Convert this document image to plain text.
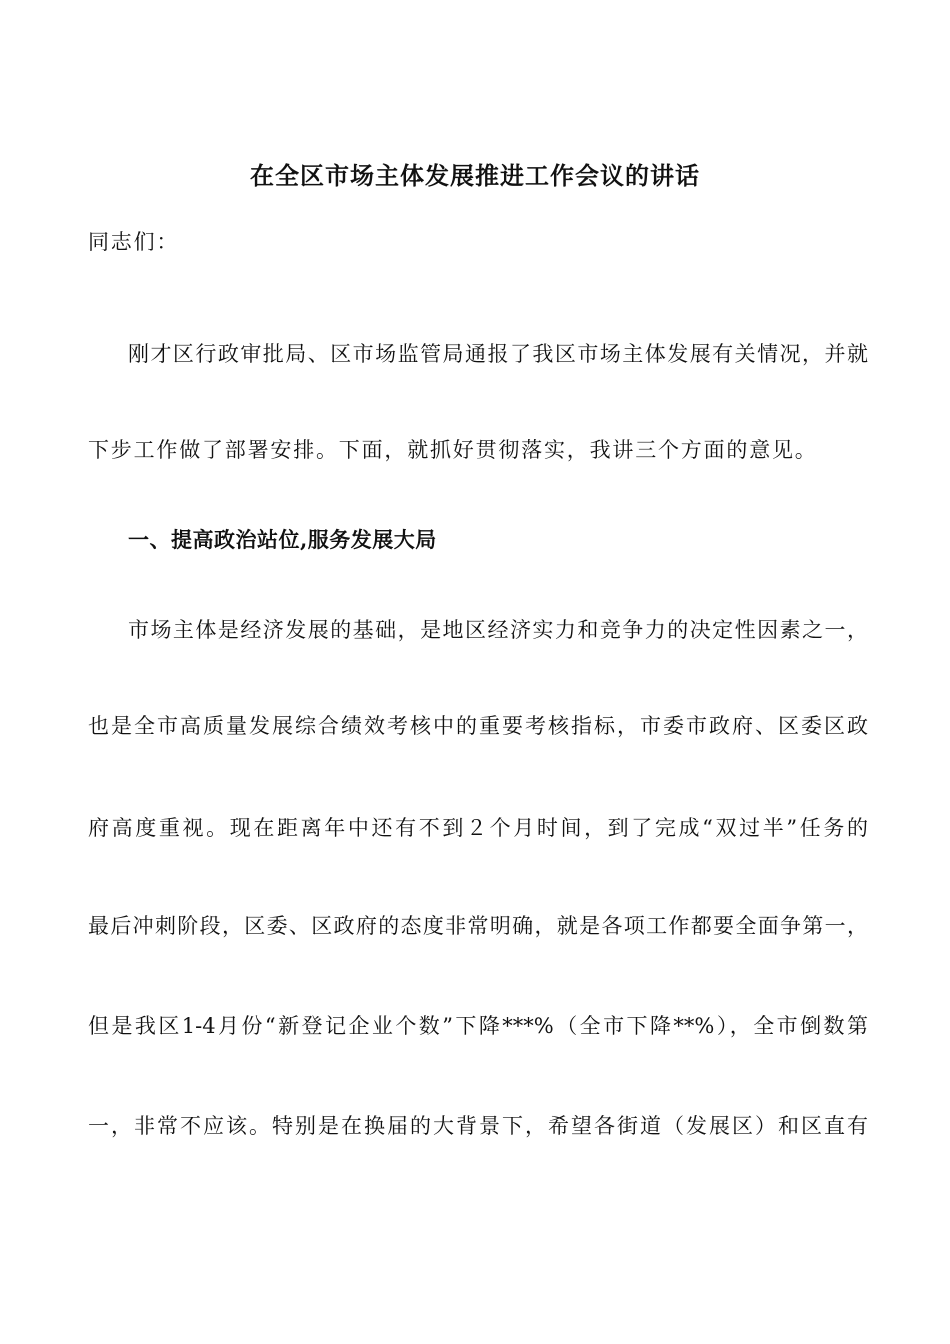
在全区市场主体发展推进工作会议的讲话

同志们：

刚才区行政审批局、区市场监管局通报了我区市场主体发展有关情况，并就

下步工作做了部署安排。下面，就抓好贯彻落实，我讲三个方面的意见。

一、提高政治站位,服务发展大局

市场主体是经济发展的基础，是地区经济实力和竞争力的决定性因素之一，

也是全市高质量发展综合绩效考核中的重要考核指标，市委市政府、区委区政

府高度重视。现在距离年中还有不到２个月时间，到了完成“双过半”任务的

最后冲刺阶段，区委、区政府的态度非常明确，就是各项工作都要全面争第一，

但是我区1-4月份“新登记企业个数”下降***%（全市下降**%），全市倒数第

一，非常不应该。特别是在换届的大背景下，希望各街道（发展区）和区直有
